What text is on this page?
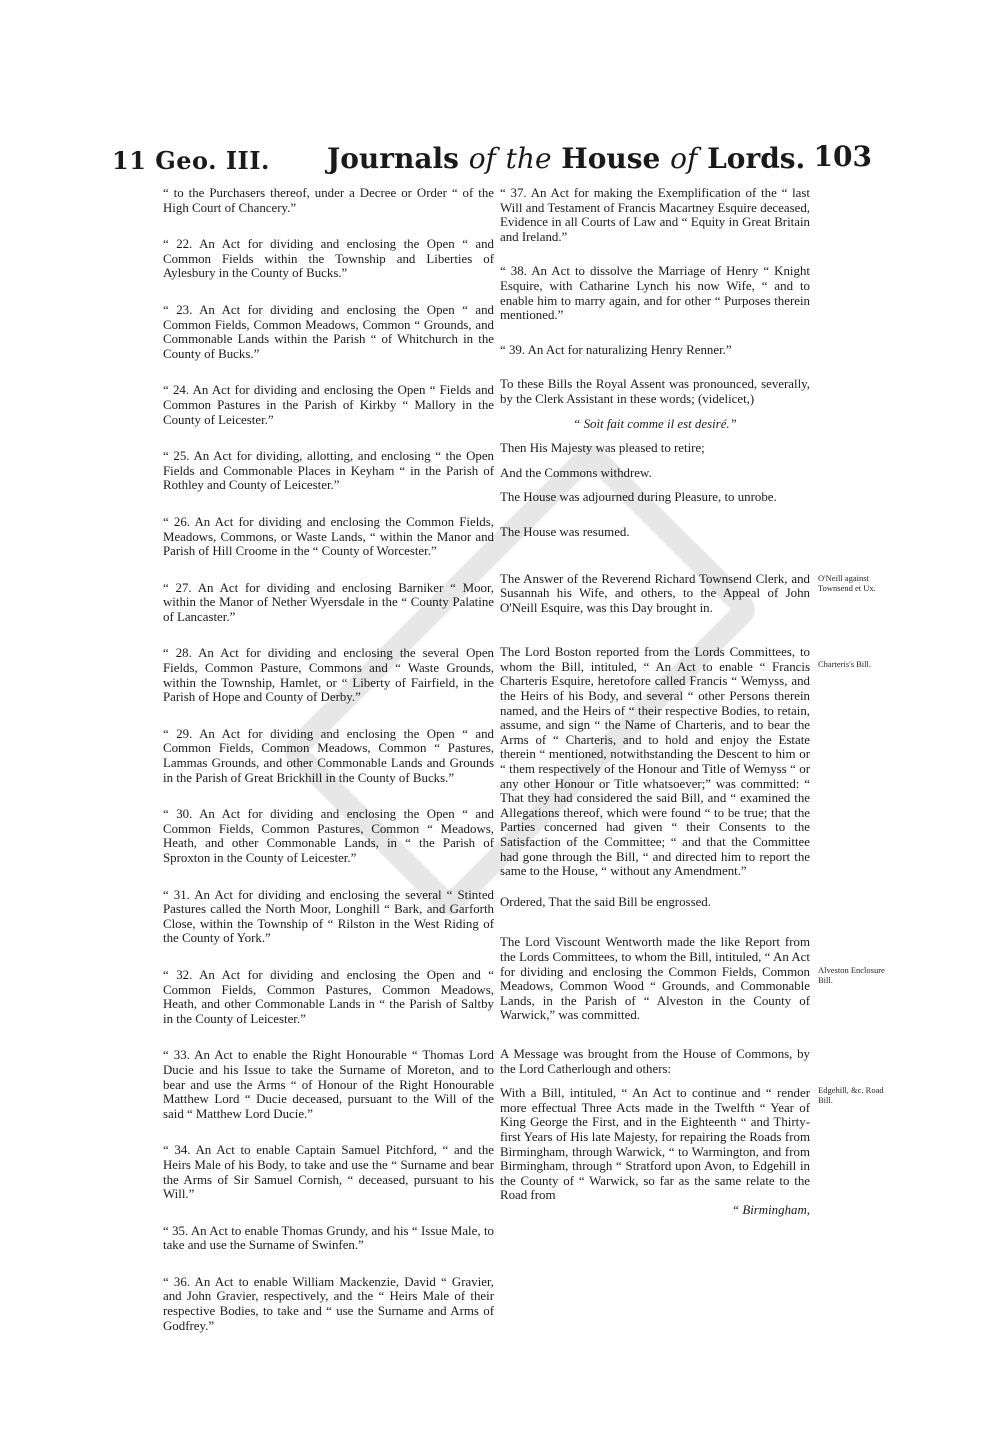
11 Geo. III. Journals of the House of Lords. 103

“ to the Purchasers thereof, under a Decree or Order “ of the High Court of Chancery.”

“ 22. An Act for dividing and enclosing the Open “ and Common Fields within the Township and Liberties of Aylesbury in the County of Bucks.”

“ 23. An Act for dividing and enclosing the Open “ and Common Fields, Common Meadows, Common “ Grounds, and Commonable Lands within the Parish “ of Whitchurch in the County of Bucks.”

“ 24. An Act for dividing and enclosing the Open “ Fields and Common Pastures in the Parish of Kirkby “ Mallory in the County of Leicester.”

“ 25. An Act for dividing, allotting, and enclosing “ the Open Fields and Commonable Places in Keyham “ in the Parish of Rothley and County of Leicester.”

“ 26. An Act for dividing and enclosing the Common Fields, Meadows, Commons, or Waste Lands, “ within the Manor and Parish of Hill Croome in the “ County of Worcester.”

“ 27. An Act for dividing and enclosing Barniker “ Moor, within the Manor of Nether Wyersdale in the “ County Palatine of Lancaster.”

“ 28. An Act for dividing and enclosing the several Open Fields, Common Pasture, Commons and “ Waste Grounds, within the Township, Hamlet, or “ Liberty of Fairfield, in the Parish of Hope and County of Derby.”

“ 29. An Act for dividing and enclosing the Open “ and Common Fields, Common Meadows, Common “ Pastures, Lammas Grounds, and other Commonable Lands and Grounds in the Parish of Great Brickhill in the County of Bucks.”

“ 30. An Act for dividing and enclosing the Open “ and Common Fields, Common Pastures, Common “ Meadows, Heath, and other Commonable Lands, in “ the Parish of Sproxton in the County of Leicester.”

“ 31. An Act for dividing and enclosing the several “ Stinted Pastures called the North Moor, Longhill “ Bark, and Garforth Close, within the Township of “ Rilston in the West Riding of the County of York.”

“ 32. An Act for dividing and enclosing the Open and “ Common Fields, Common Pastures, Common Meadows, Heath, and other Commonable Lands in “ the Parish of Saltby in the County of Leicester.”

“ 33. An Act to enable the Right Honourable “ Thomas Lord Ducie and his Issue to take the Surname of Moreton, and to bear and use the Arms “ of Honour of the Right Honourable Matthew Lord “ Ducie deceased, pursuant to the Will of the said “ Matthew Lord Ducie.”

“ 34. An Act to enable Captain Samuel Pitchford, “ and the Heirs Male of his Body, to take and use the “ Surname and bear the Arms of Sir Samuel Cornish, “ deceased, pursuant to his Will.”

“ 35. An Act to enable Thomas Grundy, and his “ Issue Male, to take and use the Surname of Swinfen.”

“ 36. An Act to enable William Mackenzie, David “ Gravier, and John Gravier, respectively, and the “ Heirs Male of their respective Bodies, to take and “ use the Surname and Arms of Godfrey.”

“ 37. An Act for making the Exemplification of the “ last Will and Testament of Francis Macartney Esquire deceased, Evidence in all Courts of Law and “ Equity in Great Britain and Ireland.”

“ 38. An Act to dissolve the Marriage of Henry “ Knight Esquire, with Catharine Lynch his now Wife, “ and to enable him to marry again, and for other “ Purposes therein mentioned.”

“ 39. An Act for naturalizing Henry Renner.”

To these Bills the Royal Assent was pronounced, severally, by the Clerk Assistant in these words; (videlicet,)

“ Soit fait comme il est desiré.”

Then His Majesty was pleased to retire;

And the Commons withdrew.

The House was adjourned during Pleasure, to unrobe.

The House was resumed.

The Answer of the Reverend Richard Townsend Clerk, and Susannah his Wife, and others, to the Appeal of John O'Neill Esquire, was this Day brought in.

The Lord Boston reported from the Lords Committees, to whom the Bill, intituled, “ An Act to enable “ Francis Charteris Esquire, heretofore called Francis “ Wemyss, and the Heirs of his Body, and several “ other Persons therein named, and the Heirs of “ their respective Bodies, to retain, assume, and sign “ the Name of Charteris, and to bear the Arms of “ Charteris, and to hold and enjoy the Estate therein “ mentioned, notwithstanding the Descent to him or “ them respectively of the Honour and Title of Wemyss “ or any other Honour or Title whatsoever;” was committed: “ That they had considered the said Bill, and “ examined the Allegations thereof, which were found “ to be true; that the Parties concerned had given “ their Consents to the Satisfaction of the Committee; “ and that the Committee had gone through the Bill, “ and directed him to report the same to the House, “ without any Amendment.”

Ordered, That the said Bill be engrossed.

The Lord Viscount Wentworth made the like Report from the Lords Committees, to whom the Bill, intituled, “ An Act for dividing and enclosing the Common Fields, Common Meadows, Common Wood “ Grounds, and Commonable Lands, in the Parish of “ Alveston in the County of Warwick,” was committed.

A Message was brought from the House of Commons, by the Lord Catherlough and others:

With a Bill, intituled, “ An Act to continue and “ render more effectual Three Acts made in the Twelfth “ Year of King George the First, and in the Eighteenth “ and Thirty-first Years of His late Majesty, for repairing the Roads from Birmingham, through Warwick, “ to Warmington, and from Birmingham, through “ Stratford upon Avon, to Edgehill in the County of “ Warwick, so far as the same relate to the Road from

“ Birmingham,

O'Neill against Townsend et Ux.
Charteris's Bill.
Alveston Enclosure Bill.
Edgehill, &c. Road Bill.
